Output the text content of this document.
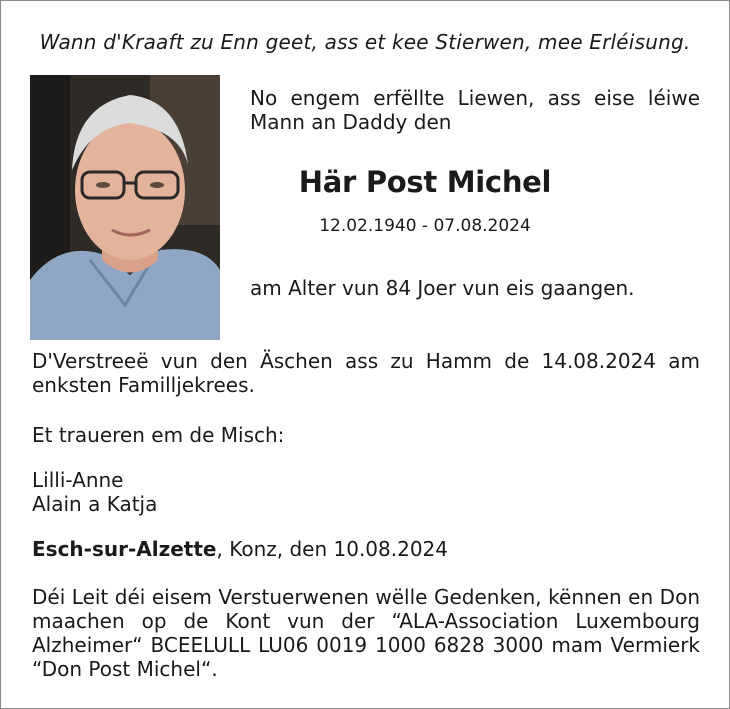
Wann d'Kraaft zu Enn geet, ass et kee Stierwen, mee Erléisung.
No engem erfëllte Liewen, ass eise léiwe Mann an Daddy den
Här Post Michel
12.02.1940 - 07.08.2024
am Alter vun 84 Joer vun eis gaangen.
D'Verstreeë vun den Äschen ass zu Hamm de 14.08.2024 am enksten Familljekrees.
Et traueren em de Misch:
Lilli-Anne
Alain a Katja
Esch-sur-Alzette, Konz, den 10.08.2024
Déi Leit déi eisem Verstuerwenen wëlle Gedenken, kënnen en Don maachen op de Kont vun der “ALA-Association Luxembourg Alzheimer“ BCEELULL LU06 0019 1000 6828 3000 mam Vermierk “Don Post Michel“.
